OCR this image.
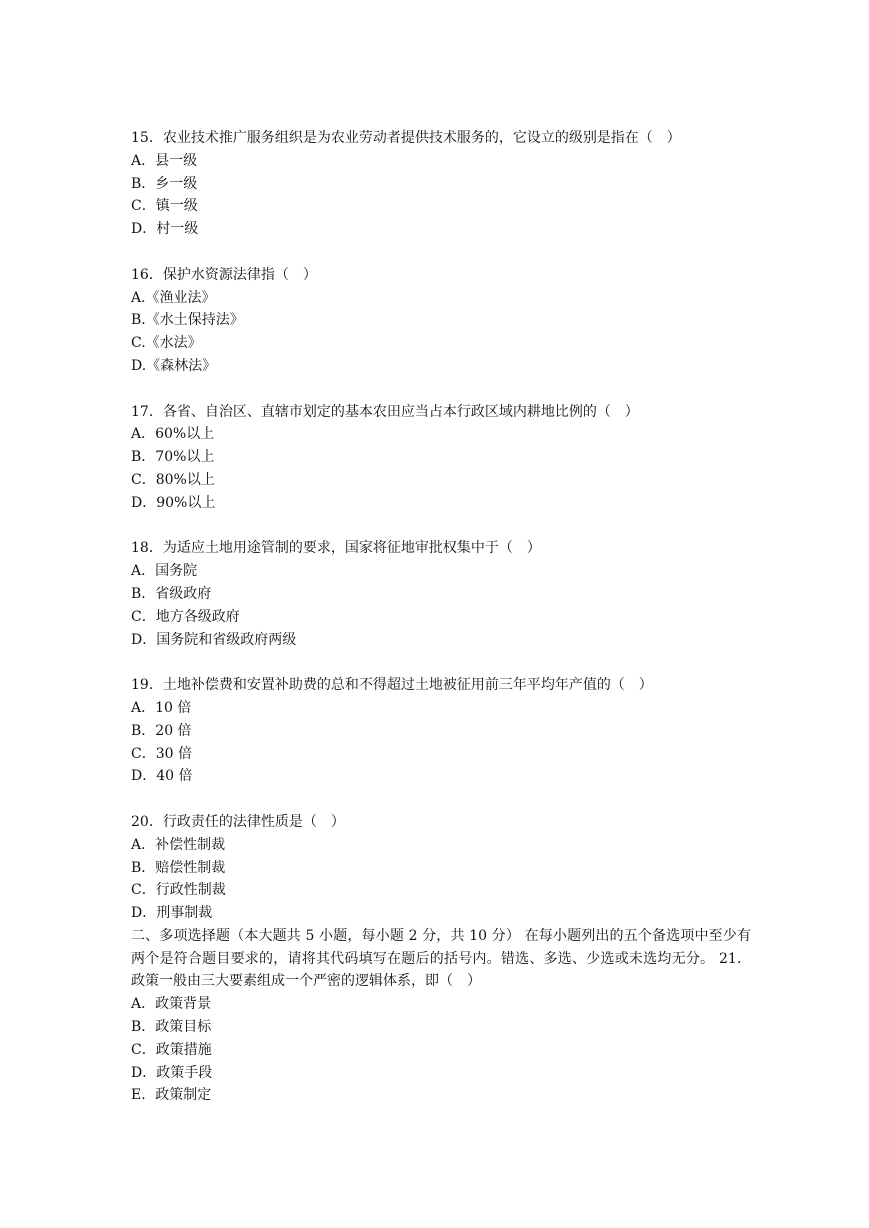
15．农业技术推广服务组织是为农业劳动者提供技术服务的，它设立的级别是指在（　）
A．县一级
B．乡一级
C．镇一级
D．村一级
16．保护水资源法律指（　）
A.《渔业法》
B.《水土保持法》
C.《水法》
D.《森林法》
17．各省、自治区、直辖市划定的基本农田应当占本行政区域内耕地比例的（　）
A．60%以上
B．70%以上
C．80%以上
D．90%以上
18．为适应土地用途管制的要求，国家将征地审批权集中于（　）
A．国务院
B．省级政府
C．地方各级政府
D．国务院和省级政府两级
19．土地补偿费和安置补助费的总和不得超过土地被征用前三年平均年产值的（　）
A．10 倍
B．20 倍
C．30 倍
D．40 倍
20．行政责任的法律性质是（　）
A．补偿性制裁
B．赔偿性制裁
C．行政性制裁
D．刑事制裁
二、多项选择题（本大题共 5 小题，每小题 2 分，共 10 分） 在每小题列出的五个备选项中至少有两个是符合题目要求的，请将其代码填写在题后的括号内。错选、多选、少选或未选均无分。 21．政策一般由三大要素组成一个严密的逻辑体系，即（　）
A．政策背景
B．政策目标
C．政策措施
D．政策手段
E．政策制定
